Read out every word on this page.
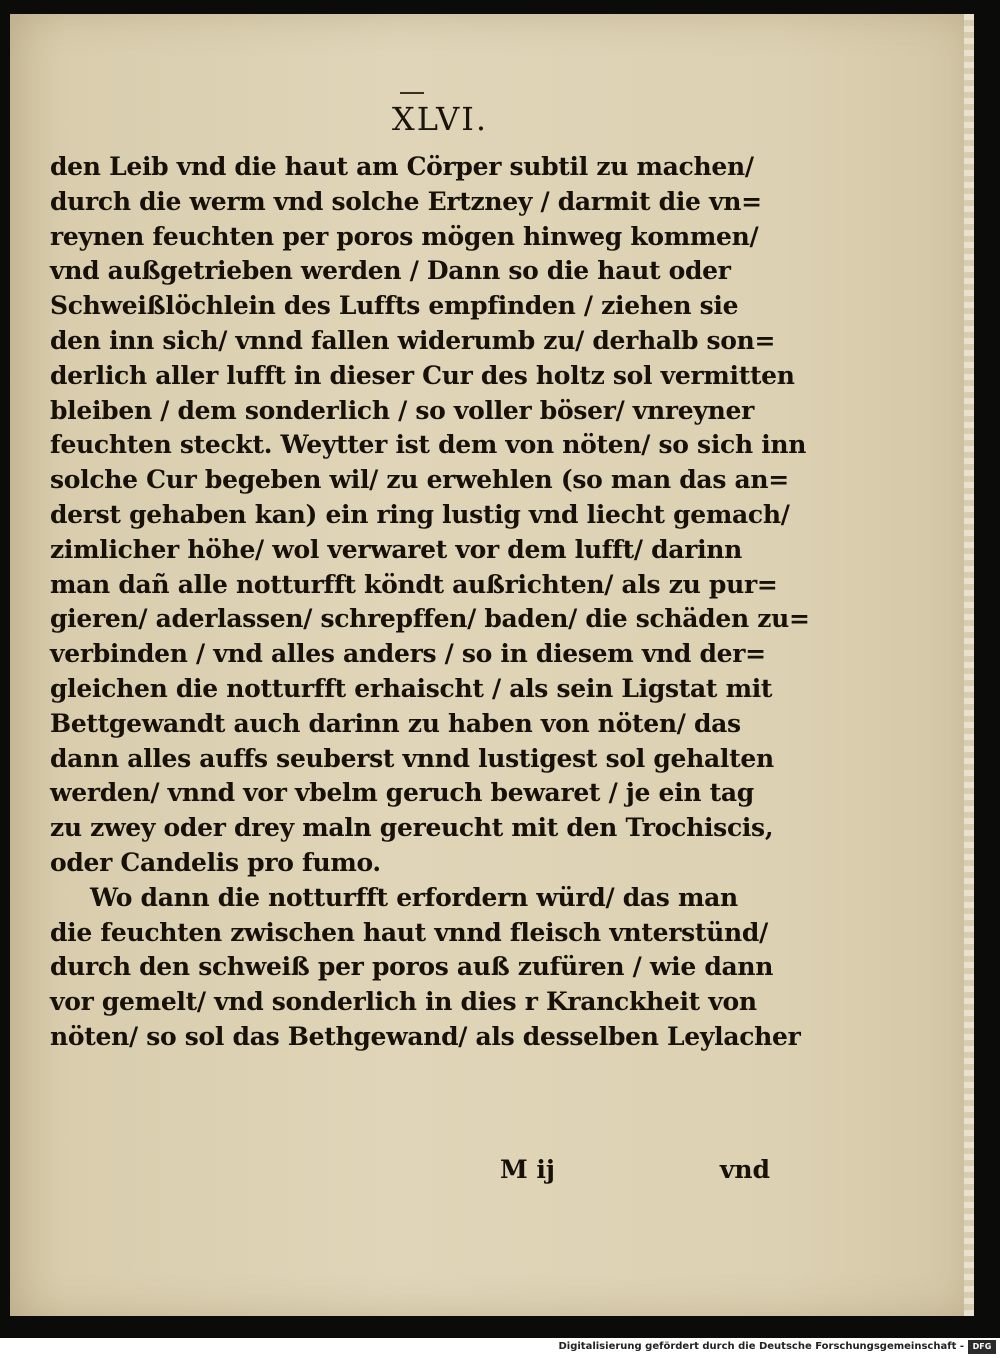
XLVI.
den Leib vnd die haut am Cörper subtil zu machen/
durch die werm vnd solche Ertzney / darmit die vn=
reynen feuchten per poros mögen hinweg kommen/
vnd außgetrieben werden / Dann so die haut oder
Schweißlöchlein des Luffts empfinden / ziehen sie
den inn sich/ vnnd fallen widerumb zu/ derhalb son=
derlich aller lufft in dieser Cur des holtz sol vermitten
bleiben / dem sonderlich / so voller böser/ vnreyner
feuchten steckt. Weytter ist dem von nöten/ so sich inn
solche Cur begeben wil/ zu erwehlen (so man das an=
derst gehaben kan) ein ring lustig vnd liecht gemach/
zimlicher höhe/ wol verwaret vor dem lufft/ darinn
man dañ alle notturfft köndt außrichten/ als zu pur=
gieren/ aderlassen/ schrepffen/ baden/ die schäden zu=
verbinden / vnd alles anders / so in diesem vnd der=
gleichen die notturfft erhaischt / als sein Ligstat mit
Bettgewandt auch darinn zu haben von nöten/ das
dann alles auffs seuberst vnnd lustigest sol gehalten
werden/ vnnd vor vbelm geruch bewaret / je ein tag
zu zwey oder drey maln gereucht mit den Trochiscis,
oder Candelis pro fumo.
Wo dann die notturfft erfordern würd/ das man
die feuchten zwischen haut vnnd fleisch vnterstünd/
durch den schweiß per poros auß zufüren / wie dann
vor gemelt/ vnd sonderlich in dies r Kranckheit von
nöten/ so sol das Bethgewand/ als desselben Leylacher
M ij	vnd
Digitalisierung gefördert durch die Deutsche Forschungsgemeinschaft -	DFG
